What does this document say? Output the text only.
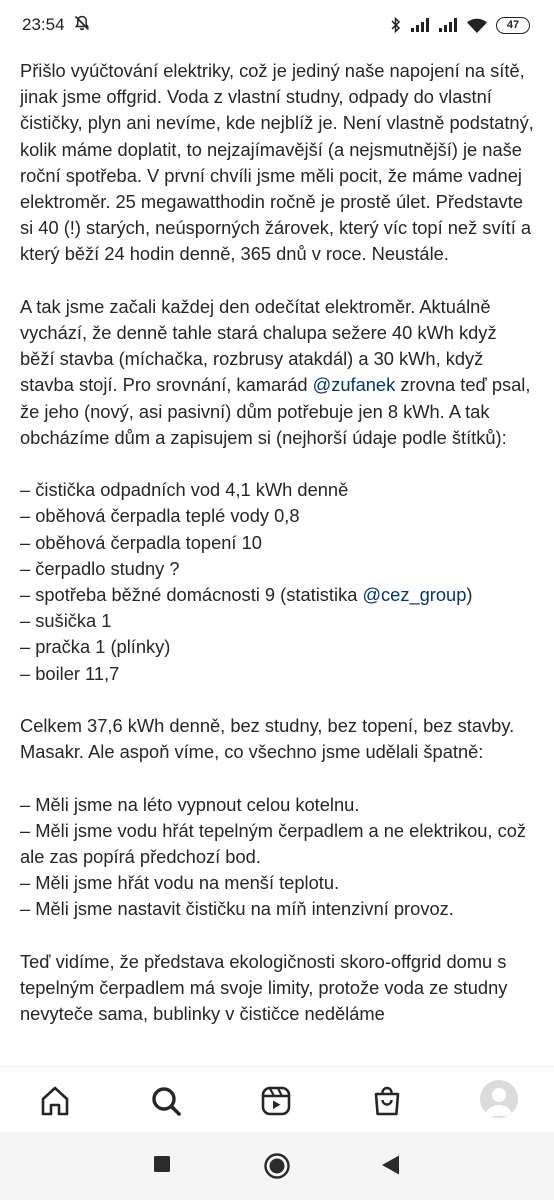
23:54	47

Přišlo vyúčtování elektriky, což je jediný naše napojení na sítě, jinak jsme offgrid. Voda z vlastní studny, odpady do vlastní čističky, plyn ani nevíme, kde nejblíž je. Není vlastně podstatný, kolik máme doplatit, to nejzajímavější (a nejsmutnější) je naše roční spotřeba. V první chvíli jsme měli pocit, že máme vadnej elektroměr. 25 megawatthodin ročně je prostě úlet. Představte si 40 (!) starých, neúsporných žárovek, který víc topí než svítí a který běží 24 hodin denně, 365 dnů v roce. Neustále.

A tak jsme začali každej den odečítat elektroměr. Aktuálně vychází, že denně tahle stará chalupa sežere 40 kWh když běží stavba (míchačka, rozbrusy atakdál) a 30 kWh, když stavba stojí. Pro srovnání, kamarád @zufanek zrovna teď psal, že jeho (nový, asi pasivní) dům potřebuje jen 8 kWh. A tak obcházíme dům a zapisujem si (nejhorší údaje podle štítků):

– čistička odpadních vod 4,1 kWh denně

– oběhová čerpadla teplé vody 0,8

– oběhová čerpadla topení 10

– čerpadlo studny ?

– spotřeba běžné domácnosti 9 (statistika @cez_group)

– sušička 1

– pračka 1 (plínky)

– boiler 11,7

Celkem 37,6 kWh denně, bez studny, bez topení, bez stavby. Masakr. Ale aspoň víme, co všechno jsme udělali špatně:

– Měli jsme na léto vypnout celou kotelnu.

– Měli jsme vodu hřát tepelným čerpadlem a ne elektrikou, což ale zas popírá předchozí bod.

– Měli jsme hřát vodu na menší teplotu.

– Měli jsme nastavit čističku na míň intenzivní provoz.

Teď vidíme, že představa ekologičnosti skoro-offgrid domu s tepelným čerpadlem má svoje limity, protože voda ze studny nevyteče sama, bublinky v čističce neděláme
